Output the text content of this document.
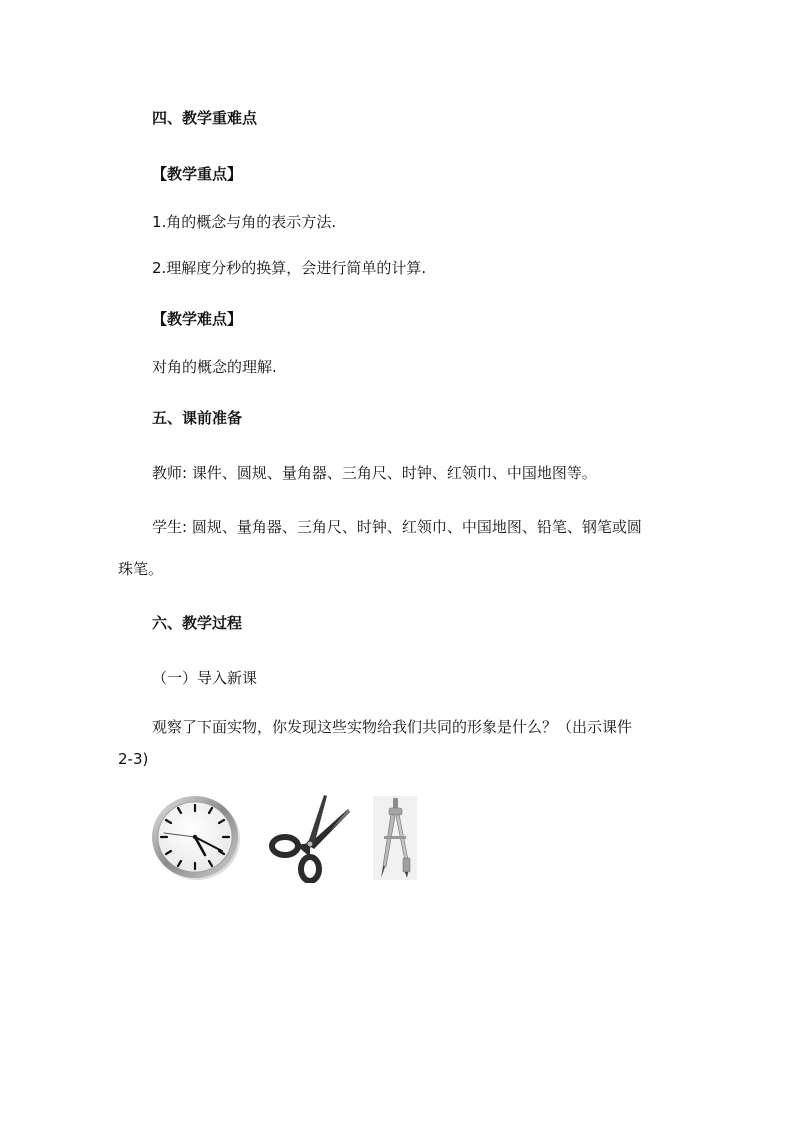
四、教学重难点

【教学重点】

1.角的概念与角的表示方法.

2.理解度分秒的换算，会进行简单的计算.

【教学难点】

对角的概念的理解.

五、课前准备

教师: 课件、圆规、量角器、三角尺、时钟、红领巾、中国地图等。

学生: 圆规、量角器、三角尺、时钟、红领巾、中国地图、铅笔、钢笔或圆

珠笔。

六、教学过程

（一）导入新课

观察了下面实物，你发现这些实物给我们共同的形象是什么？（出示课件

2-3)
